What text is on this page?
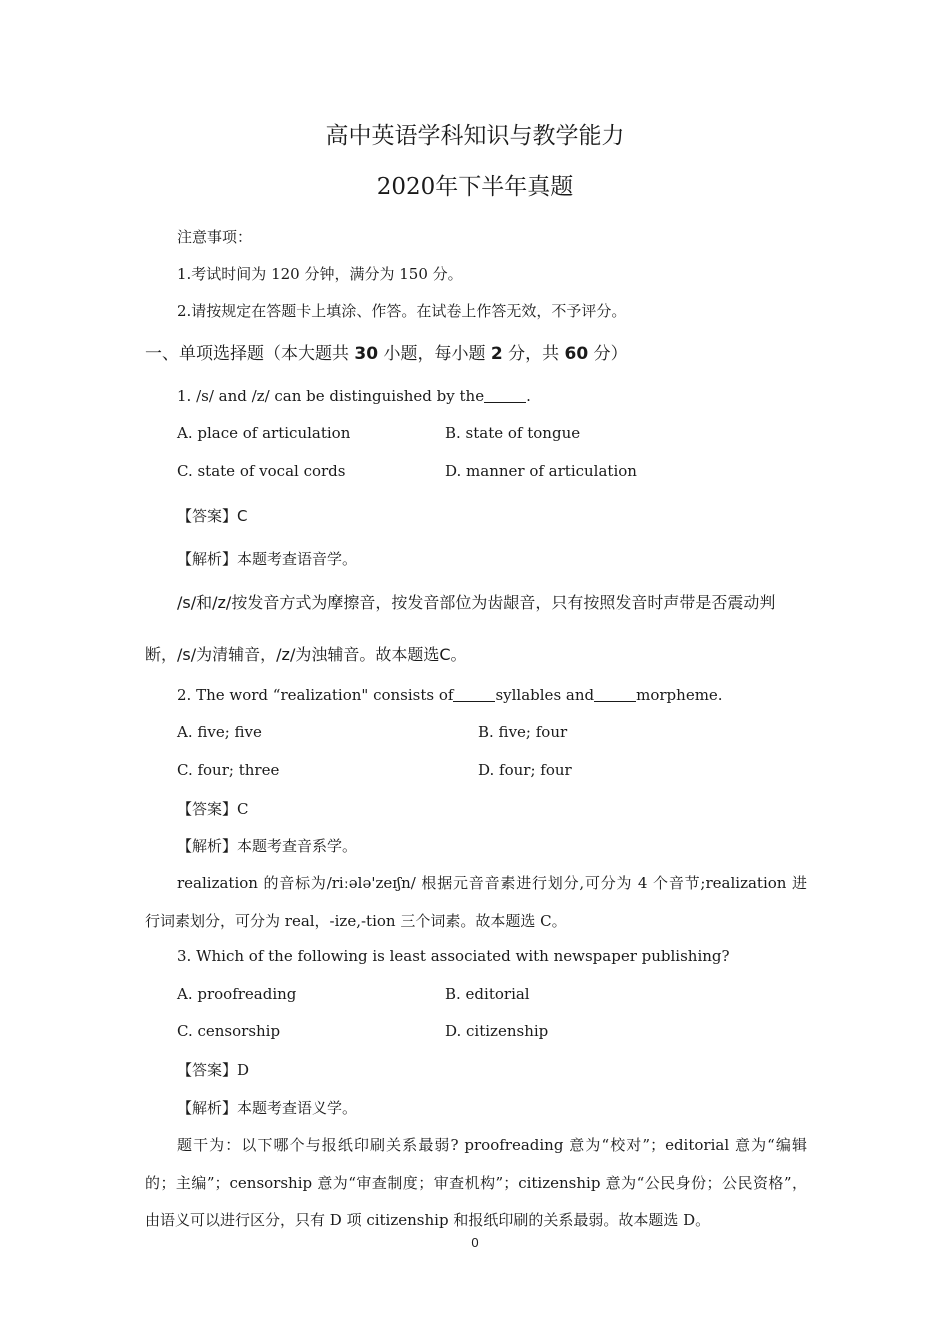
高中英语学科知识与教学能力
2020年下半年真题
注意事项：
1.考试时间为 120 分钟，满分为 150 分。
2.请按规定在答题卡上填涂、作答。在试卷上作答无效，不予评分。
一、单项选择题（本大题共 30 小题，每小题 2 分，共 60 分）
1. /s/ and /z/ can be distinguished by the	.
A. place of articulation	B. state of tongue
C. state of vocal cords	D. manner of articulation
【答案】C
【解析】本题考查语音学。
/s/和/z/按发音方式为摩擦音，按发音部位为齿龈音，只有按照发音时声带是否震动判
断，/s/为清辅音，/z/为浊辅音。故本题选C。
2. The word “realization" consists of	syllables and	morpheme.
A. five; five	B. five; four
C. four; three	D. four; four
【答案】C
【解析】本题考查音系学。
realization 的音标为/riːələ'zeɪʃn/ 根据元音音素进行划分,可分为 4 个音节;realization 进
行词素划分，可分为 real，-ize,-tion 三个词素。故本题选 C。
3. Which of the following is least associated with newspaper publishing?
A. proofreading	B. editorial
C. censorship	D. citizenship
【答案】D
【解析】本题考查语义学。
题干为：以下哪个与报纸印刷关系最弱? proofreading 意为“校对”；editorial 意为“编辑
的；主编”；censorship 意为“审查制度；审查机构”；citizenship 意为“公民身份；公民资格”，
由语义可以进行区分，只有 D 项 citizenship 和报纸印刷的关系最弱。故本题选 D。
0
